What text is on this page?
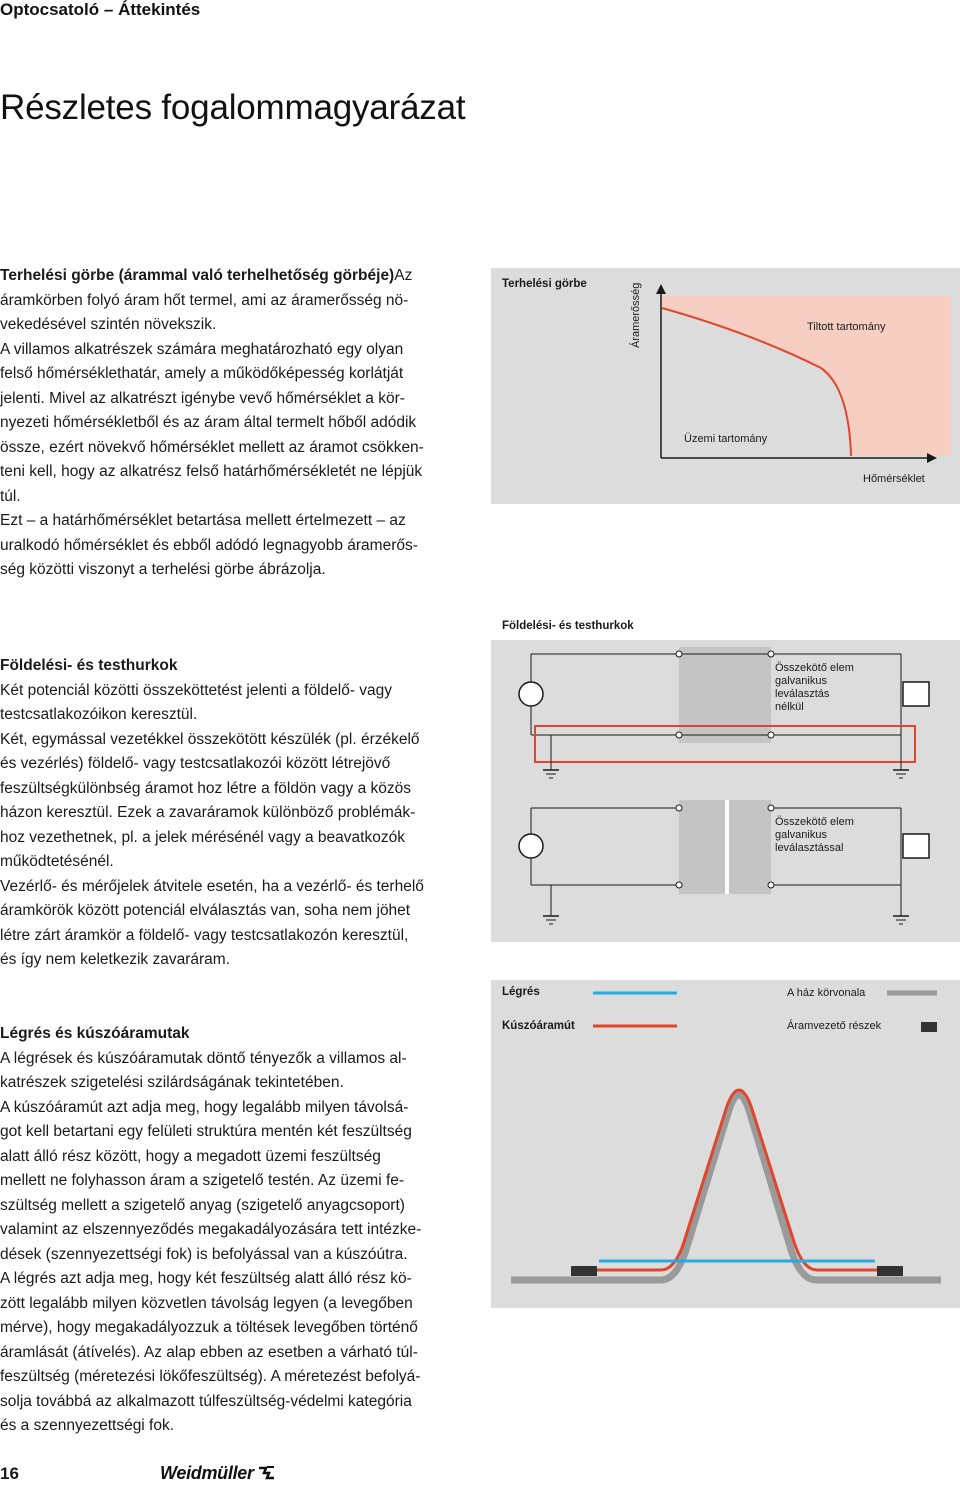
Optocsatoló – Áttekintés
Részletes fogalommagyarázat

Terhelési görbe (árammal való terhelhetőség görbéje)Az

áramkörben folyó áram hőt termel, ami az áramerősség nö-
vekedésével szintén növekszik.
A villamos alkatrészek számára meghatározható egy olyan
felső hőmérséklethatár, amely a működőképesség korlátját
jelenti. Mivel az alkatrészt igénybe vevő hőmérséklet a kör-
nyezeti hőmérsékletből és az áram által termelt hőből adódik
össze, ezért növekvő hőmérséklet mellett az áramot csökken-
teni kell, hogy az alkatrész felső határhőmérsékletét ne lépjük
túl.
Ezt – a határhőmérséklet betartása mellett értelmezett – az
uralkodó hőmérséklet és ebből adódó legnagyobb áramerős-
ség közötti viszonyt a terhelési görbe ábrázolja.
Terhelési görbe	Áramerősség
Hőmérséklet
Tiltott tartomány
Üzemi tartomány

Földelési- és testhurkok

Két potenciál közötti összeköttetést jelenti a földelő- vagy
testcsatlakozóikon keresztül.
Két, egymással vezetékkel összekötött készülék (pl. érzékelő
és vezérlés) földelő- vagy testcsatlakozói között létrejövő
feszültségkülönbség áramot hoz létre a földön vagy a közös
házon keresztül. Ezek a zavaráramok különböző problémák-
hoz vezethetnek, pl. a jelek mérésénél vagy a beavatkozók
működtetésénél.
Vezérlő- és mérőjelek átvitele esetén, ha a vezérlő- és terhelő
áramkörök között potenciál elválasztás van, soha nem jöhet
létre zárt áramkör a földelő- vagy testcsatlakozón keresztül,
és így nem keletkezik zavaráram.
Földelési- és testhurkok
Összekötő elem
galvanikus
leválasztás
nélkül
Összekötő elem
galvanikus
leválasztással

Légrés és kúszóáramutak

A légrések és kúszóáramutak döntő tényezők a villamos al-
katrészek szigetelési szilárdságának tekintetében.
A kúszóáramút azt adja meg, hogy legalább milyen távolsá-
got kell betartani egy felületi struktúra mentén két feszültség
alatt álló rész között, hogy a megadott üzemi feszültség
mellett ne folyhasson áram a szigetelő testén. Az üzemi fe-
szültség mellett a szigetelő anyag (szigetelő anyagcsoport)
valamint az elszennyeződés megakadályozására tett intézke-
dések (szennyezettségi fok) is befolyással van a kúszóútra.
A légrés azt adja meg, hogy két feszültség alatt álló rész kö-
zött legalább milyen közvetlen távolság legyen (a levegőben
mérve), hogy megakadályozzuk a töltések levegőben történő
áramlását (átívelés). Az alap ebben az esetben a várható túl-
feszültség (méretezési lökőfeszültség). A méretezést befolyá-
solja továbbá az alkalmazott túlfeszültség-védelmi kategória
és a szennyezettségi fok.
Légrés
Kúszóáramút
A ház körvonala
Áramvezető részek
16	Weidmüller
